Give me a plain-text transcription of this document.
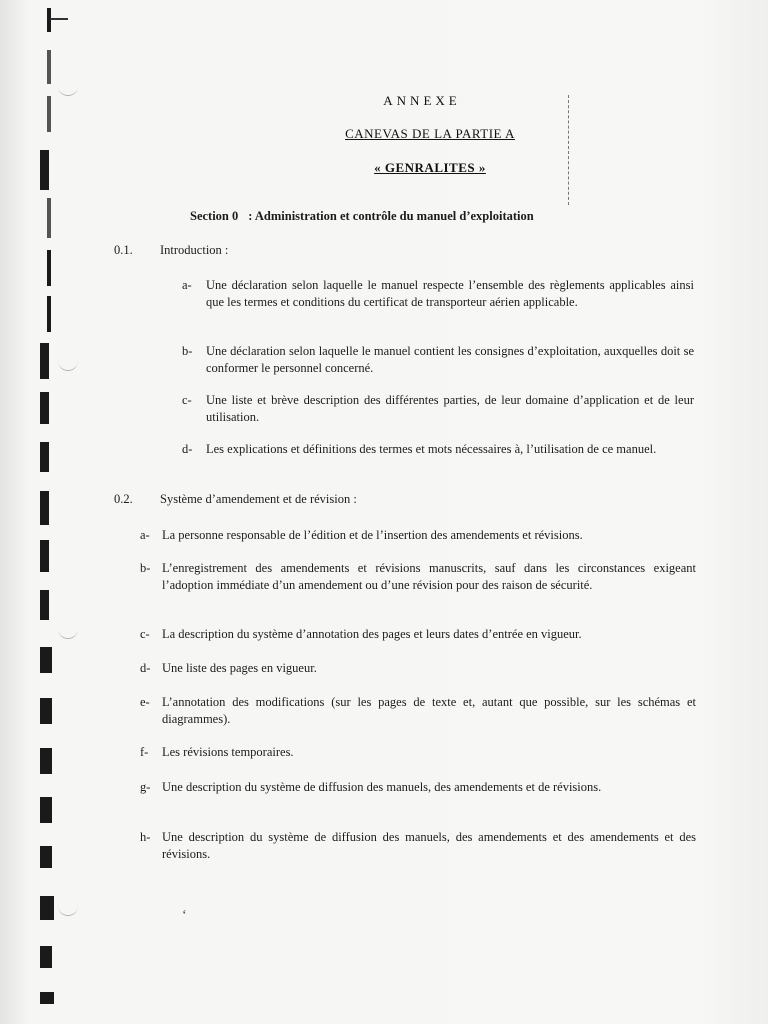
ANNEXE
CANEVAS DE LA PARTIE A
« GENRALITES »
Section 0 : Administration et contrôle du manuel d’exploitation
0.1. Introduction :
a- Une déclaration selon laquelle le manuel respecte l’ensemble des règlements applicables ainsi que les termes et conditions du certificat de transporteur aérien applicable.
b- Une déclaration selon laquelle le manuel contient les consignes d’exploitation, auxquelles doit se conformer le personnel concerné.
c- Une liste et brève description des différentes parties, de leur domaine d’application et de leur utilisation.
d- Les explications et définitions des termes et mots nécessaires à, l’utilisation de ce manuel.
0.2. Système d’amendement et de révision :
a- La personne responsable de l’édition et de l’insertion des amendements et révisions.
b- L’enregistrement des amendements et révisions manuscrits, sauf dans les circonstances exigeant l’adoption immédiate d’un amendement ou d’une révision pour des raison de sécurité.
c- La description du système d’annotation des pages et leurs dates d’entrée en vigueur.
d- Une liste des pages en vigueur.
e- L’annotation des modifications (sur les pages de texte et, autant que possible, sur les schémas et diagrammes).
f- Les révisions temporaires.
g- Une description du système de diffusion des manuels, des amendements et de révisions.
h- Une description du système de diffusion des manuels, des amendements et des amendements et des révisions.
‘
